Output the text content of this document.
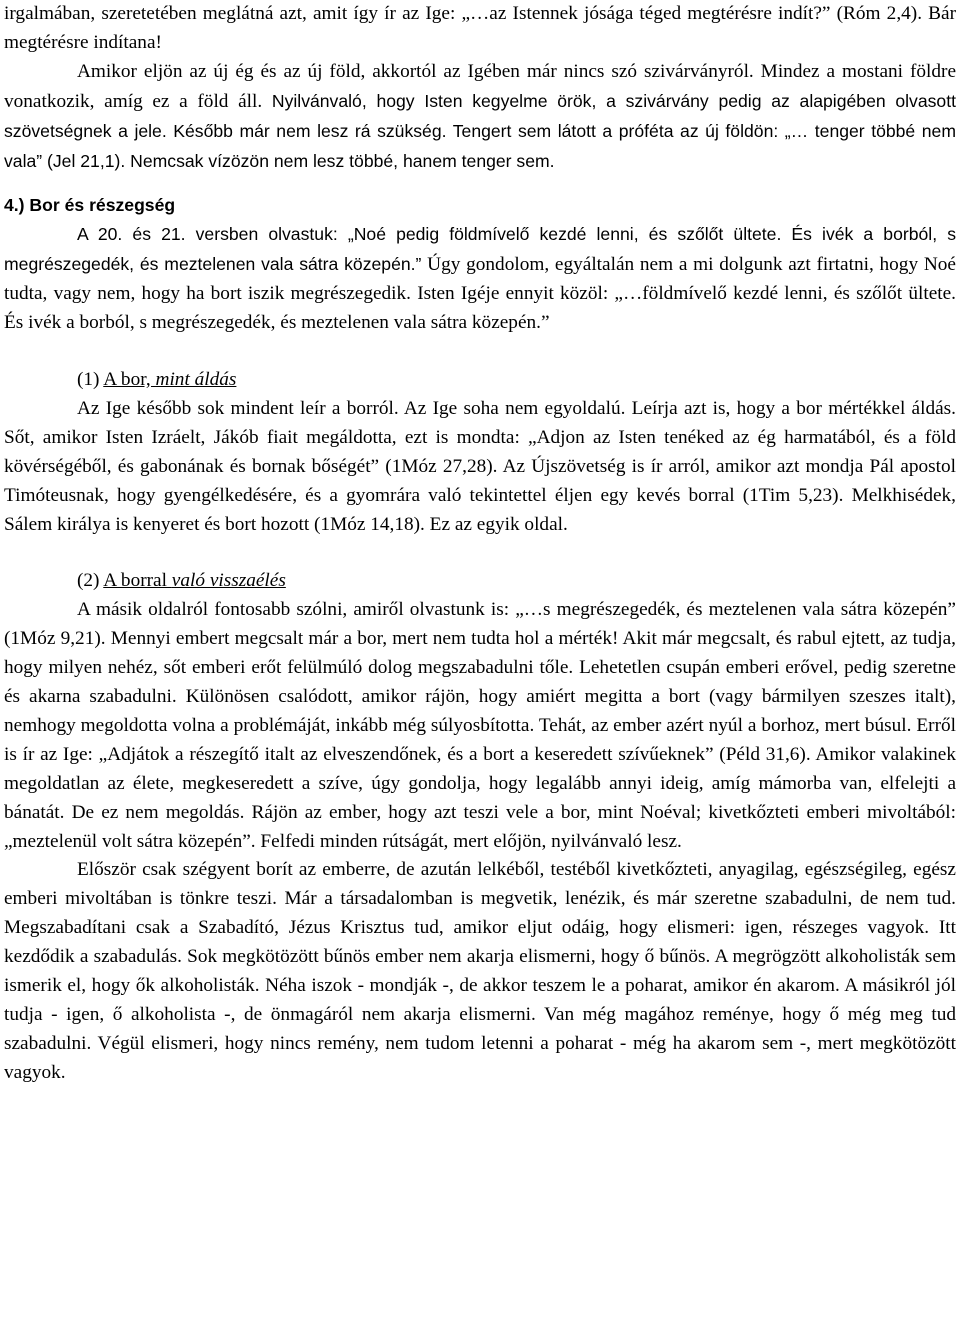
irgalmában, szeretetében meglátná azt, amit így ír az Ige: „…az Istennek jósága téged megtérésre indít?” (Róm 2,4). Bár megtérésre indítana!

Amikor eljön az új ég és az új föld, akkortól az Igében már nincs szó szivárványról. Mindez a mostani földre vonatkozik, amíg ez a föld áll. Nyilvánvaló, hogy Isten kegyelme örök, a szivárvány pedig az alapigében olvasott szövetségnek a jele. Később már nem lesz rá szükség. Tengert sem látott a próféta az új földön: „… tenger többé nem vala” (Jel 21,1). Nemcsak vízözön nem lesz többé, hanem tenger sem.

4.) Bor és részegség

A 20. és 21. versben olvastuk: „Noé pedig földmívelő kezdé lenni, és szőlőt ültete. És ivék a borból, s megrészegedék, és meztelenen vala sátra közepén.” Úgy gondolom, egyáltalán nem a mi dolgunk azt firtatni, hogy Noé tudta, vagy nem, hogy ha bort iszik megrészegedik. Isten Igéje ennyit közöl: „…földmívelő kezdé lenni, és szőlőt ültete. És ivék a borból, s megrészegedék, és meztelenen vala sátra közepén.”

(1) A bor, mint áldás

Az Ige később sok mindent leír a borról. Az Ige soha nem egyoldalú. Leírja azt is, hogy a bor mértékkel áldás. Sőt, amikor Isten Izráelt, Jákób fiait megáldotta, ezt is mondta: „Adjon az Isten tenéked az ég harmatából, és a föld kövérségéből, és gabonának és bornak bőségét” (1Móz 27,28). Az Újszövetség is ír arról, amikor azt mondja Pál apostol Timóteusnak, hogy gyengélkedésére, és a gyomrára való tekintettel éljen egy kevés borral (1Tim 5,23). Melkhisédek, Sálem királya is kenyeret és bort hozott (1Móz 14,18). Ez az egyik oldal.

(2) A borral való visszaélés

A másik oldalról fontosabb szólni, amiről olvastunk is: „…s megrészegedék, és meztelenen vala sátra közepén” (1Móz 9,21). Mennyi embert megcsalt már a bor, mert nem tudta hol a mérték! Akit már megcsalt, és rabul ejtett, az tudja, hogy milyen nehéz, sőt emberi erőt felülmúló dolog megszabadulni tőle. Lehetetlen csupán emberi erővel, pedig szeretne és akarna szabadulni. Különösen csalódott, amikor rájön, hogy amiért megitta a bort (vagy bármilyen szeszes italt), nemhogy megoldotta volna a problémáját, inkább még súlyosbította. Tehát, az ember azért nyúl a borhoz, mert búsul. Erről is ír az Ige: „Adjátok a részegítő italt az elveszendőnek, és a bort a keseredett szívűeknek” (Péld 31,6). Amikor valakinek megoldatlan az élete, megkeseredett a szíve, úgy gondolja, hogy legalább annyi ideig, amíg mámorba van, elfelejti a bánatát. De ez nem megoldás. Rájön az ember, hogy azt teszi vele a bor, mint Noéval; kivetkőzteti emberi mivoltából: „meztelenül volt sátra közepén”. Felfedi minden rútságát, mert előjön, nyilvánvaló lesz.

Először csak szégyent borít az emberre, de azután lelkéből, testéből kivetkőzteti, anyagilag, egészségileg, egész emberi mivoltában is tönkre teszi. Már a társadalomban is megvetik, lenézik, és már szeretne szabadulni, de nem tud. Megszabadítani csak a Szabadító, Jézus Krisztus tud, amikor eljut odáig, hogy elismeri: igen, részeges vagyok. Itt kezdődik a szabadulás. Sok megkötözött bűnös ember nem akarja elismerni, hogy ő bűnös. A megrögzött alkoholisták sem ismerik el, hogy ők alkoholisták. Néha iszok - mondják -, de akkor teszem le a poharat, amikor én akarom. A másikról jól tudja - igen, ő alkoholista -, de önmagáról nem akarja elismerni. Van még magához reménye, hogy ő még meg tud szabadulni. Végül elismeri, hogy nincs remény, nem tudom letenni a poharat - még ha akarom sem -, mert megkötözött vagyok.
